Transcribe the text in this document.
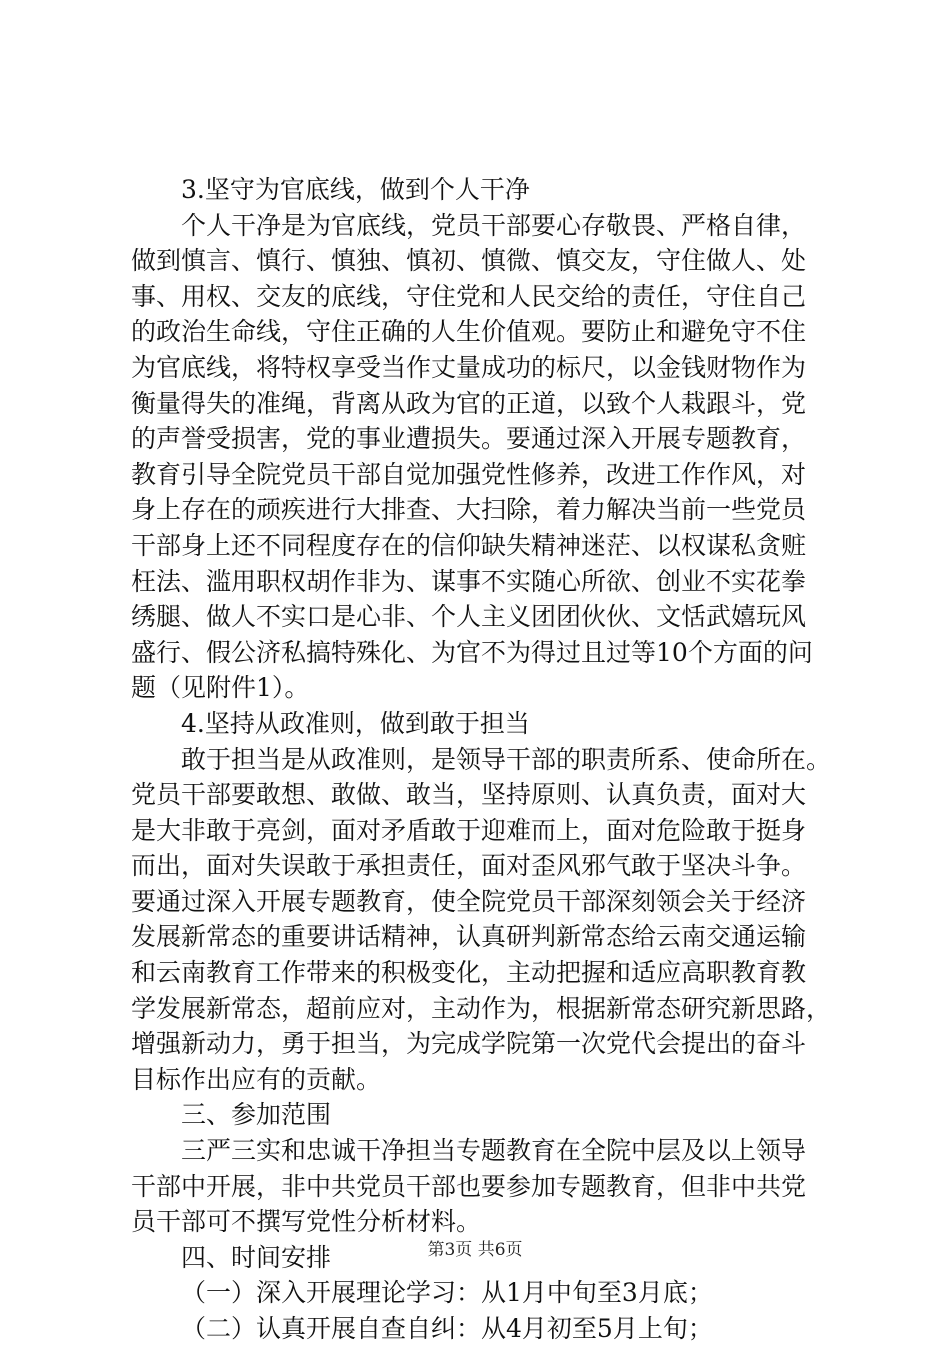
3.坚守为官底线，做到个人干净
个人干净是为官底线，党员干部要心存敬畏、严格自律，
做到慎言、慎行、慎独、慎初、慎微、慎交友，守住做人、处
事、用权、交友的底线，守住党和人民交给的责任，守住自己
的政治生命线，守住正确的人生价值观。要防止和避免守不住
为官底线，将特权享受当作丈量成功的标尺，以金钱财物作为
衡量得失的准绳，背离从政为官的正道，以致个人栽跟斗，党
的声誉受损害，党的事业遭损失。要通过深入开展专题教育，
教育引导全院党员干部自觉加强党性修养，改进工作作风，对
身上存在的顽疾进行大排查、大扫除，着力解决当前一些党员
干部身上还不同程度存在的信仰缺失精神迷茫、以权谋私贪赃
枉法、滥用职权胡作非为、谋事不实随心所欲、创业不实花拳
绣腿、做人不实口是心非、个人主义团团伙伙、文恬武嬉玩风
盛行、假公济私搞特殊化、为官不为得过且过等10个方面的问
题（见附件1）。
4.坚持从政准则，做到敢于担当
敢于担当是从政准则，是领导干部的职责所系、使命所在。
党员干部要敢想、敢做、敢当，坚持原则、认真负责，面对大
是大非敢于亮剑，面对矛盾敢于迎难而上，面对危险敢于挺身
而出，面对失误敢于承担责任，面对歪风邪气敢于坚决斗争。
要通过深入开展专题教育，使全院党员干部深刻领会关于经济
发展新常态的重要讲话精神，认真研判新常态给云南交通运输
和云南教育工作带来的积极变化，主动把握和适应高职教育教
学发展新常态，超前应对，主动作为，根据新常态研究新思路，
增强新动力，勇于担当，为完成学院第一次党代会提出的奋斗
目标作出应有的贡献。
三、参加范围
三严三实和忠诚干净担当专题教育在全院中层及以上领导
干部中开展，非中共党员干部也要参加专题教育，但非中共党
员干部可不撰写党性分析材料。
四、时间安排
（一）深入开展理论学习：从1月中旬至3月底；
（二）认真开展自查自纠：从4月初至5月上旬；
第3页 共6页
